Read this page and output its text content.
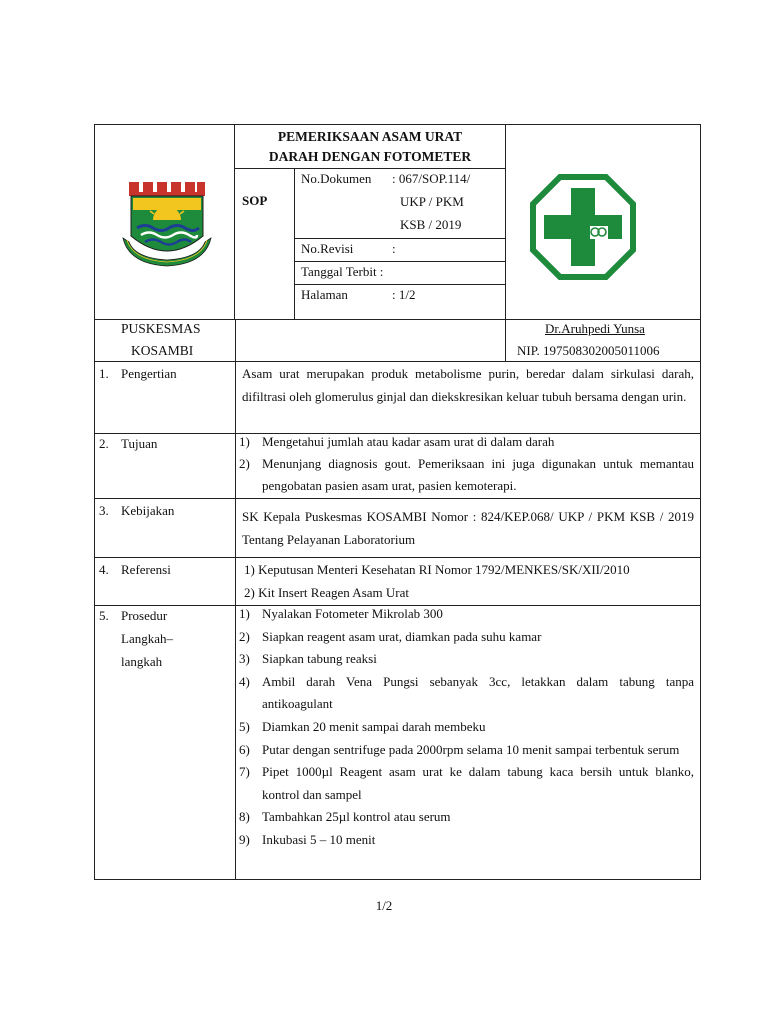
PEMERIKSAAN ASAM URAT
DARAH DENGAN FOTOMETER
SOP
No.Dokumen : 067/SOP.114/
UKP / PKM
KSB / 2019
No.Revisi	:
Tanggal Terbit :
Halaman	: 1/2
PUSKESMAS
KOSAMBI
Dr.Aruhpedi Yunsa
NIP. 197508302005011006
1. Pengertian	Asam urat merupakan produk metabolisme purin, beredar dalam sirkulasi darah, difiltrasi oleh glomerulus ginjal dan diekskresikan keluar tubuh bersama dengan urin.
2. Tujuan	1) Mengetahui jumlah atau kadar asam urat di dalam darah
2) Menunjang diagnosis gout. Pemeriksaan ini juga digunakan untuk memantau pengobatan pasien asam urat, pasien kemoterapi.
3. Kebijakan	SK Kepala Puskesmas KOSAMBI Nomor : 824/KEP.068/ UKP / PKM KSB / 2019 Tentang Pelayanan Laboratorium
4. Referensi	1) Keputusan Menteri Kesehatan RI Nomor 1792/MENKES/SK/XII/2010
2) Kit Insert Reagen Asam Urat
5. Prosedur
Langkah–
langkah
1) Nyalakan Fotometer Mikrolab 300
2) Siapkan reagent asam urat, diamkan pada suhu kamar
3) Siapkan tabung reaksi
4) Ambil darah Vena Pungsi sebanyak 3cc, letakkan dalam tabung tanpa antikoagulant
5) Diamkan 20 menit sampai darah membeku
6) Putar dengan sentrifuge pada 2000rpm selama 10 menit sampai terbentuk serum
7) Pipet 1000µl Reagent asam urat ke dalam tabung kaca bersih untuk blanko, kontrol dan sampel
8) Tambahkan 25µl kontrol atau serum
9) Inkubasi 5 – 10 menit
1/2
